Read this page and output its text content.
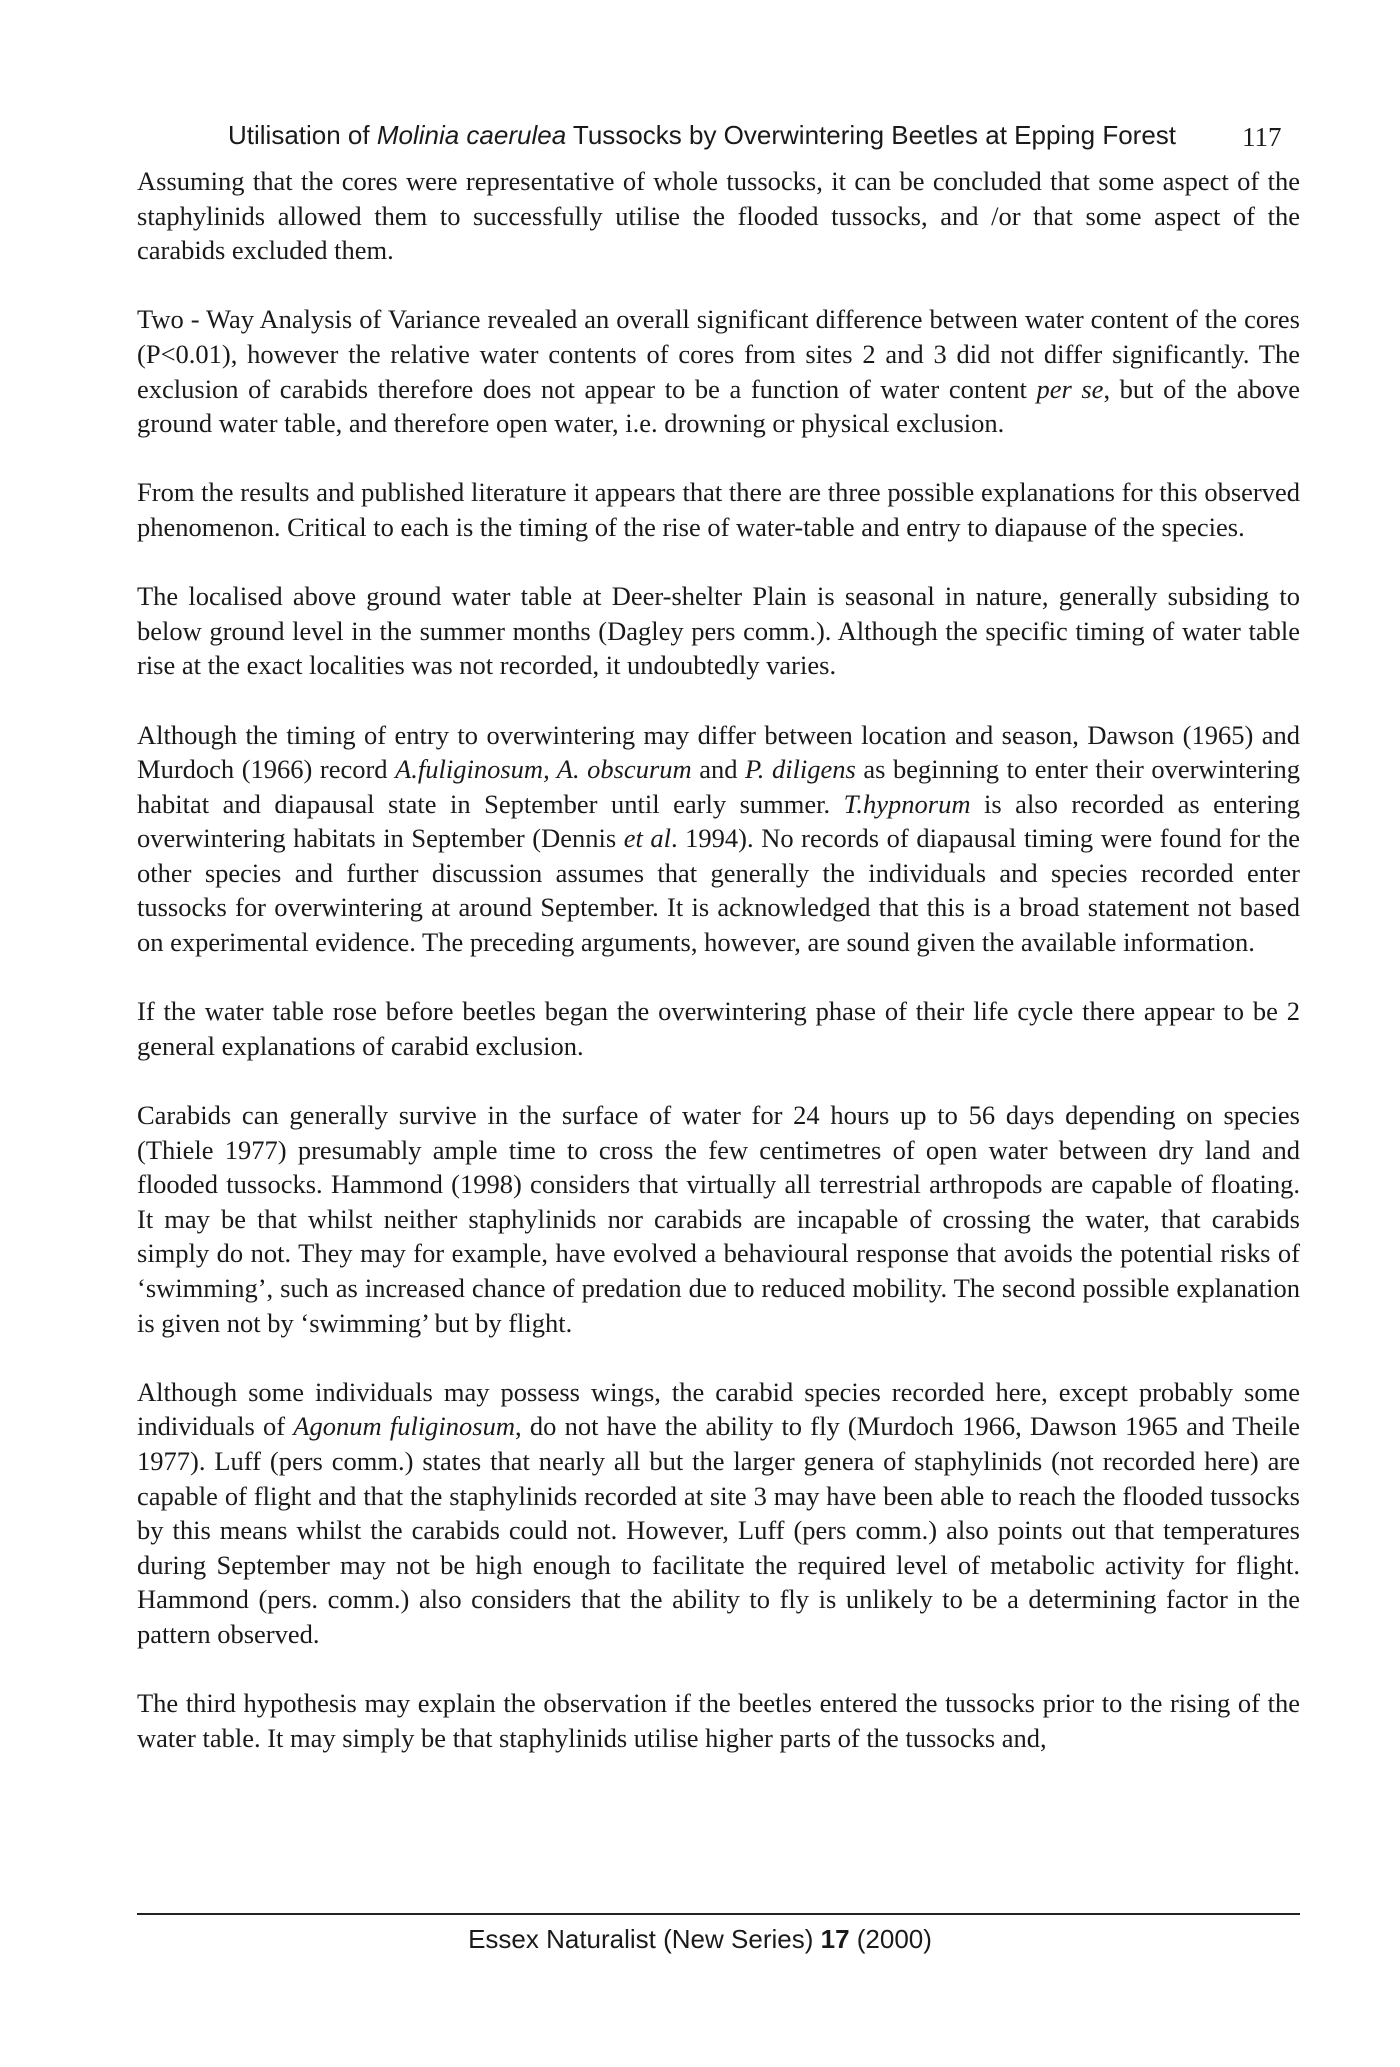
Utilisation of Molinia caerulea Tussocks by Overwintering Beetles at Epping Forest 117

Assuming that the cores were representative of whole tussocks, it can be concluded that some aspect of the staphylinids allowed them to successfully utilise the flooded tussocks, and /or that some aspect of the carabids excluded them.

Two - Way Analysis of Variance revealed an overall significant difference between water content of the cores (P<0.01), however the relative water contents of cores from sites 2 and 3 did not differ significantly. The exclusion of carabids therefore does not appear to be a function of water content per se, but of the above ground water table, and therefore open water, i.e. drowning or physical exclusion.

From the results and published literature it appears that there are three possible explanations for this observed phenomenon. Critical to each is the timing of the rise of water-table and entry to diapause of the species.

The localised above ground water table at Deer-shelter Plain is seasonal in nature, generally subsiding to below ground level in the summer months (Dagley pers comm.). Although the specific timing of water table rise at the exact localities was not recorded, it undoubtedly varies.

Although the timing of entry to overwintering may differ between location and season, Dawson (1965) and Murdoch (1966) record A.fuliginosum, A. obscurum and P. diligens as beginning to enter their overwintering habitat and diapausal state in September until early summer. T.hypnorum is also recorded as entering overwintering habitats in September (Dennis et al. 1994). No records of diapausal timing were found for the other species and further discussion assumes that generally the individuals and species recorded enter tussocks for overwintering at around September. It is acknowledged that this is a broad statement not based on experimental evidence. The preceding arguments, however, are sound given the available information.

If the water table rose before beetles began the overwintering phase of their life cycle there appear to be 2 general explanations of carabid exclusion.

Carabids can generally survive in the surface of water for 24 hours up to 56 days depending on species (Thiele 1977) presumably ample time to cross the few centimetres of open water between dry land and flooded tussocks. Hammond (1998) considers that virtually all terrestrial arthropods are capable of floating. It may be that whilst neither staphylinids nor carabids are incapable of crossing the water, that carabids simply do not. They may for example, have evolved a behavioural response that avoids the potential risks of ‘swimming’, such as increased chance of predation due to reduced mobility. The second possible explanation is given not by ‘swimming’ but by flight.

Although some individuals may possess wings, the carabid species recorded here, except probably some individuals of Agonum fuliginosum, do not have the ability to fly (Murdoch 1966, Dawson 1965 and Theile 1977). Luff (pers comm.) states that nearly all but the larger genera of staphylinids (not recorded here) are capable of flight and that the staphylinids recorded at site 3 may have been able to reach the flooded tussocks by this means whilst the carabids could not. However, Luff (pers comm.) also points out that temperatures during September may not be high enough to facilitate the required level of metabolic activity for flight. Hammond (pers. comm.) also considers that the ability to fly is unlikely to be a determining factor in the pattern observed.

The third hypothesis may explain the observation if the beetles entered the tussocks prior to the rising of the water table. It may simply be that staphylinids utilise higher parts of the tussocks and,

Essex Naturalist (New Series) 17 (2000)
